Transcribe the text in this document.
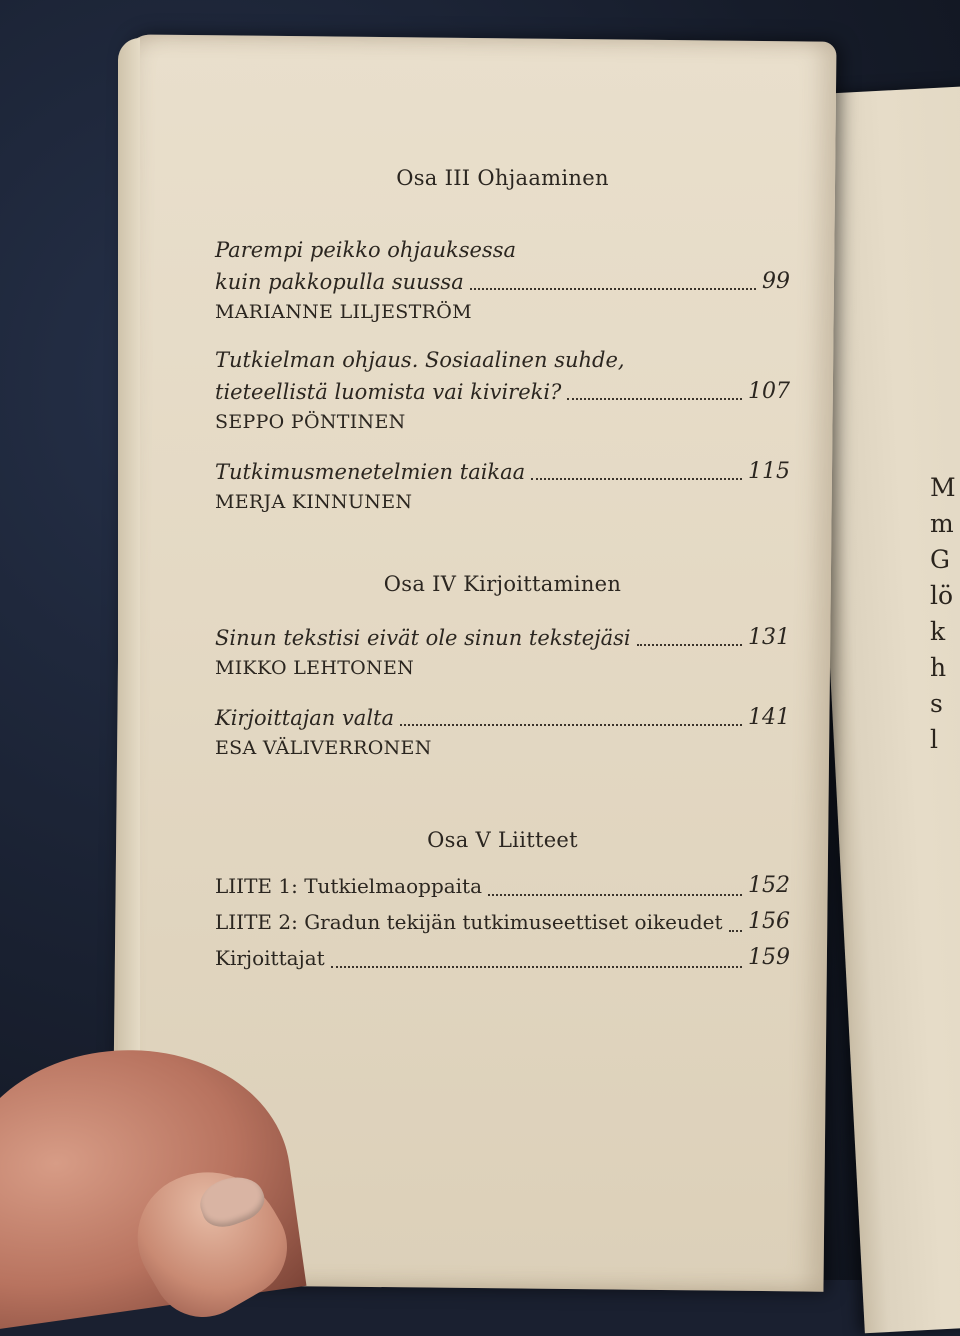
M
m
G
lö
k
h
s
l

Osa III Ohjaaminen

Parempi peikko ohjauksessa
kuin pakkopulla suussa	99
MARIANNE LILJESTRÖM
Tutkielman ohjaus. Sosiaalinen suhde,
tieteellistä luomista vai kivireki?	107
SEPPO PÖNTINEN
Tutkimusmenetelmien taikaa	115
MERJA KINNUNEN

Osa IV Kirjoittaminen

Sinun tekstisi eivät ole sinun tekstejäsi	131
MIKKO LEHTONEN
Kirjoittajan valta	141
ESA VÄLIVERRONEN

Osa V Liitteet

LIITE 1: Tutkielmaoppaita	152
LIITE 2: Gradun tekijän tutkimuseettiset oikeudet 156
Kirjoittajat	159
